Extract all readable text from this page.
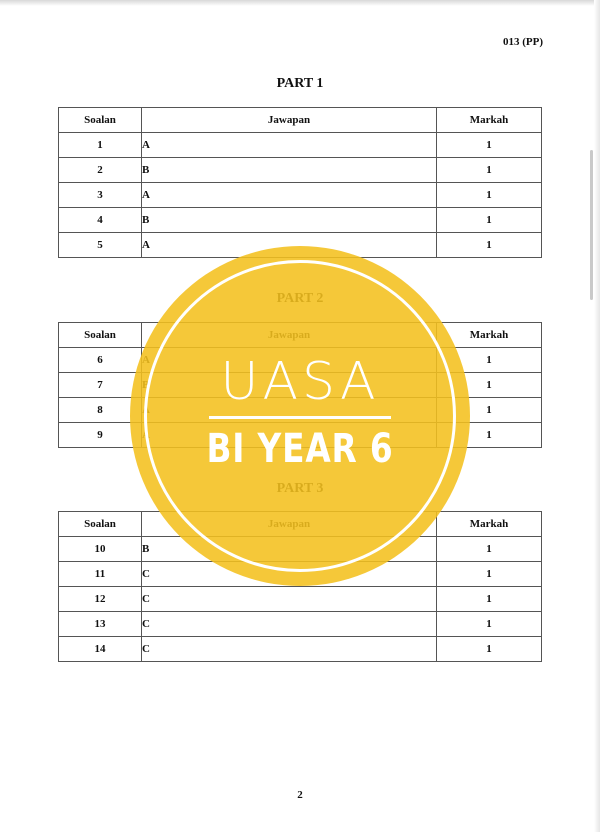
013 (PP)
PART 1
Soalan	Jawapan	Markah
1	A	1
2	B	1
3	A	1
4	B	1
5	A	1
Soalan		Markah
6		1
7		1
8		1
9		1
Soalan		Markah
10	B	1
11	C	1
12	C	1
13	C	1
14	C	1
UASA
BI YEAR 6
2
